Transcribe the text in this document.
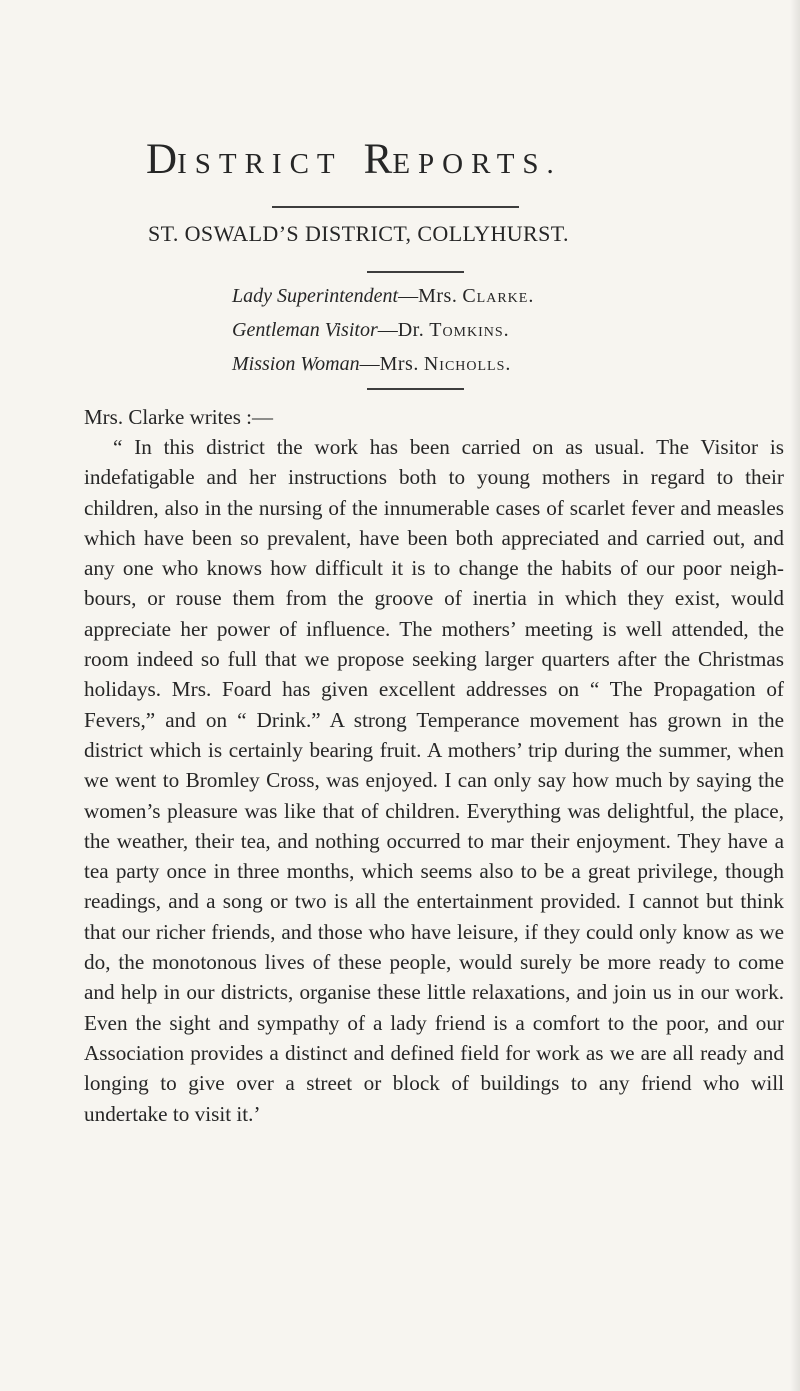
DISTRICT REPORTS.
ST. OSWALD’S DISTRICT, COLLYHURST.
Lady Superintendent—Mrs. Clarke.
Gentleman Visitor—Dr. Tomkins.
Mission Woman—Mrs. Nicholls.
Mrs. Clarke writes :—

“ In this district the work has been carried on as usual. The Visitor is indefatigable and her instructions both to young mothers in regard to their children, also in the nursing of the innumerable cases of scarlet fever and measles which have been so prevalent, have been both appreciated and carried out, and any one who knows how difficult it is to change the habits of our poor neigh- bours, or rouse them from the groove of inertia in which they exist, would appreciate her power of influence. The mothers’ meeting is well attended, the room indeed so full that we propose seeking larger quarters after the Christmas holidays. Mrs. Foard has given excellent addresses on “ The Propagation of Fevers,” and on “ Drink.” A strong Temperance movement has grown in the district which is certainly bearing fruit. A mothers’ trip during the summer, when we went to Bromley Cross, was enjoyed. I can only say how much by saying the women’s pleasure was like that of children. Everything was delightful, the place, the weather, their tea, and nothing occurred to mar their enjoyment. They have a tea party once in three months, which seems also to be a great privilege, though readings, and a song or two is all the entertainment provided. I cannot but think that our richer friends, and those who have leisure, if they could only know as we do, the monotonous lives of these people, would surely be more ready to come and help in our districts, organise these little relaxations, and join us in our work. Even the sight and sympathy of a lady friend is a comfort to the poor, and our Association provides a distinct and defined field for work as we are all ready and longing to give over a street or block of buildings to any friend who will undertake to visit it.’
